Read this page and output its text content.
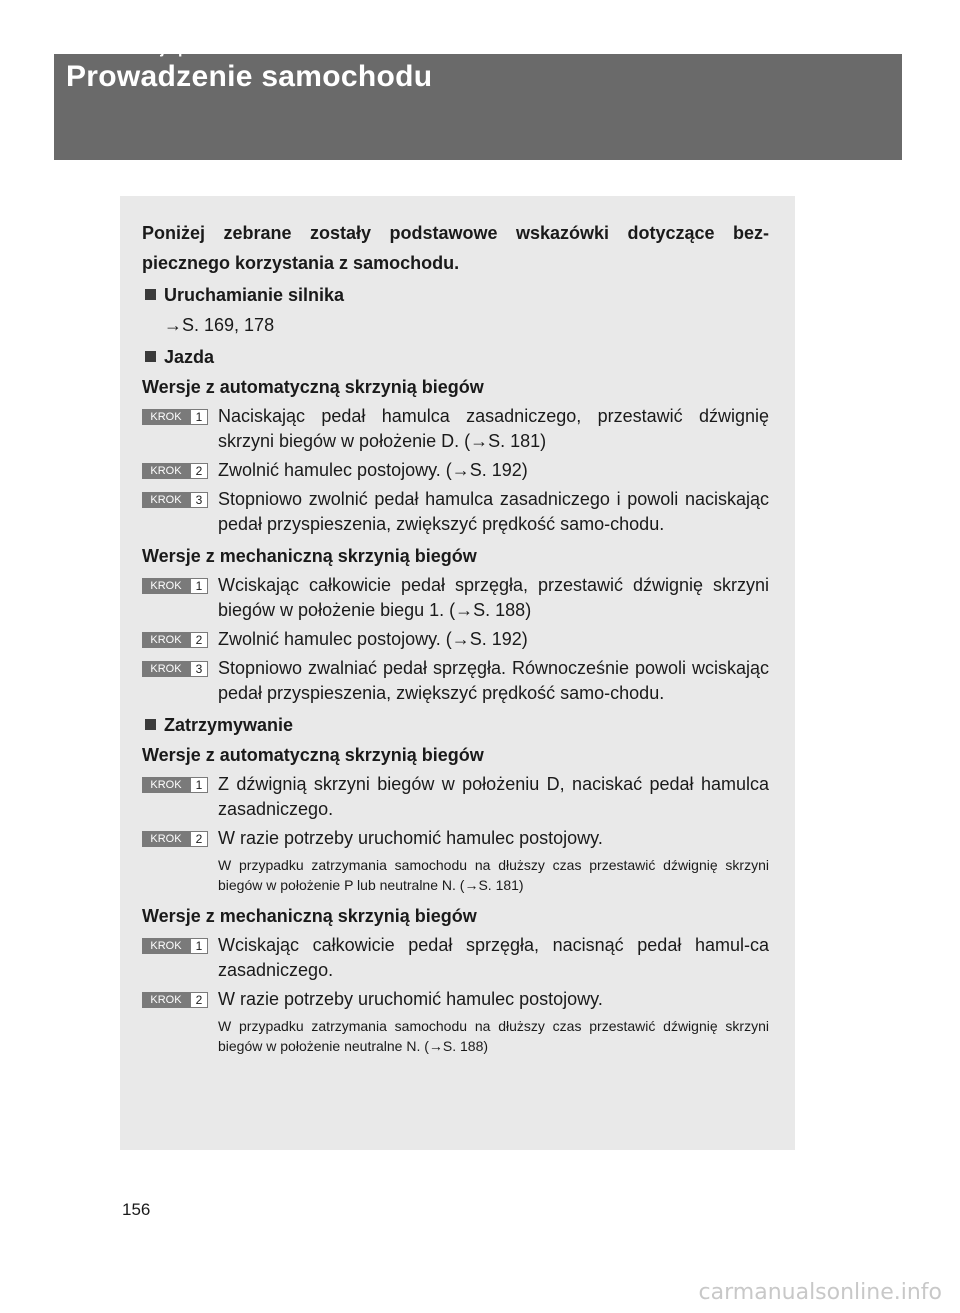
2-1. Instrukcje prowadzenia samochodu
Prowadzenie samochodu

Poniżej zebrane zostały podstawowe wskazówki dotyczące bez-piecznego korzystania z samochodu.

Uruchamianie silnika

→S. 169, 178

Jazda

Wersje z automatyczną skrzynią biegów

KROK	1 Naciskając pedał hamulca zasadniczego, przestawić dźwignię skrzyni biegów w położenie D. (→S. 181)
KROK	2 Zwolnić hamulec postojowy. (→S. 192)
KROK	3 Stopniowo zwolnić pedał hamulca zasadniczego i powoli naciskając pedał przyspieszenia, zwiększyć prędkość samo-chodu.

Wersje z mechaniczną skrzynią biegów

KROK	1 Wciskając całkowicie pedał sprzęgła, przestawić dźwignię skrzyni biegów w położenie biegu 1. (→S. 188)
KROK	2 Zwolnić hamulec postojowy. (→S. 192)
KROK	3 Stopniowo zwalniać pedał sprzęgła. Równocześnie powoli wciskając pedał przyspieszenia, zwiększyć prędkość samo-chodu.

Zatrzymywanie

Wersje z automatyczną skrzynią biegów

KROK	1 Z dźwignią skrzyni biegów w położeniu D, naciskać pedał hamulca zasadniczego.
KROK	2 W razie potrzeby uruchomić hamulec postojowy.

W przypadku zatrzymania samochodu na dłuższy czas przestawić dźwignię skrzyni biegów w położenie P lub neutralne N. (→S. 181)

Wersje z mechaniczną skrzynią biegów

KROK	1 Wciskając całkowicie pedał sprzęgła, nacisnąć pedał hamul-ca zasadniczego.
KROK	2 W razie potrzeby uruchomić hamulec postojowy.

W przypadku zatrzymania samochodu na dłuższy czas przestawić dźwignię skrzyni biegów w położenie neutralne N. (→S. 188)

156
carmanualsonline.info
